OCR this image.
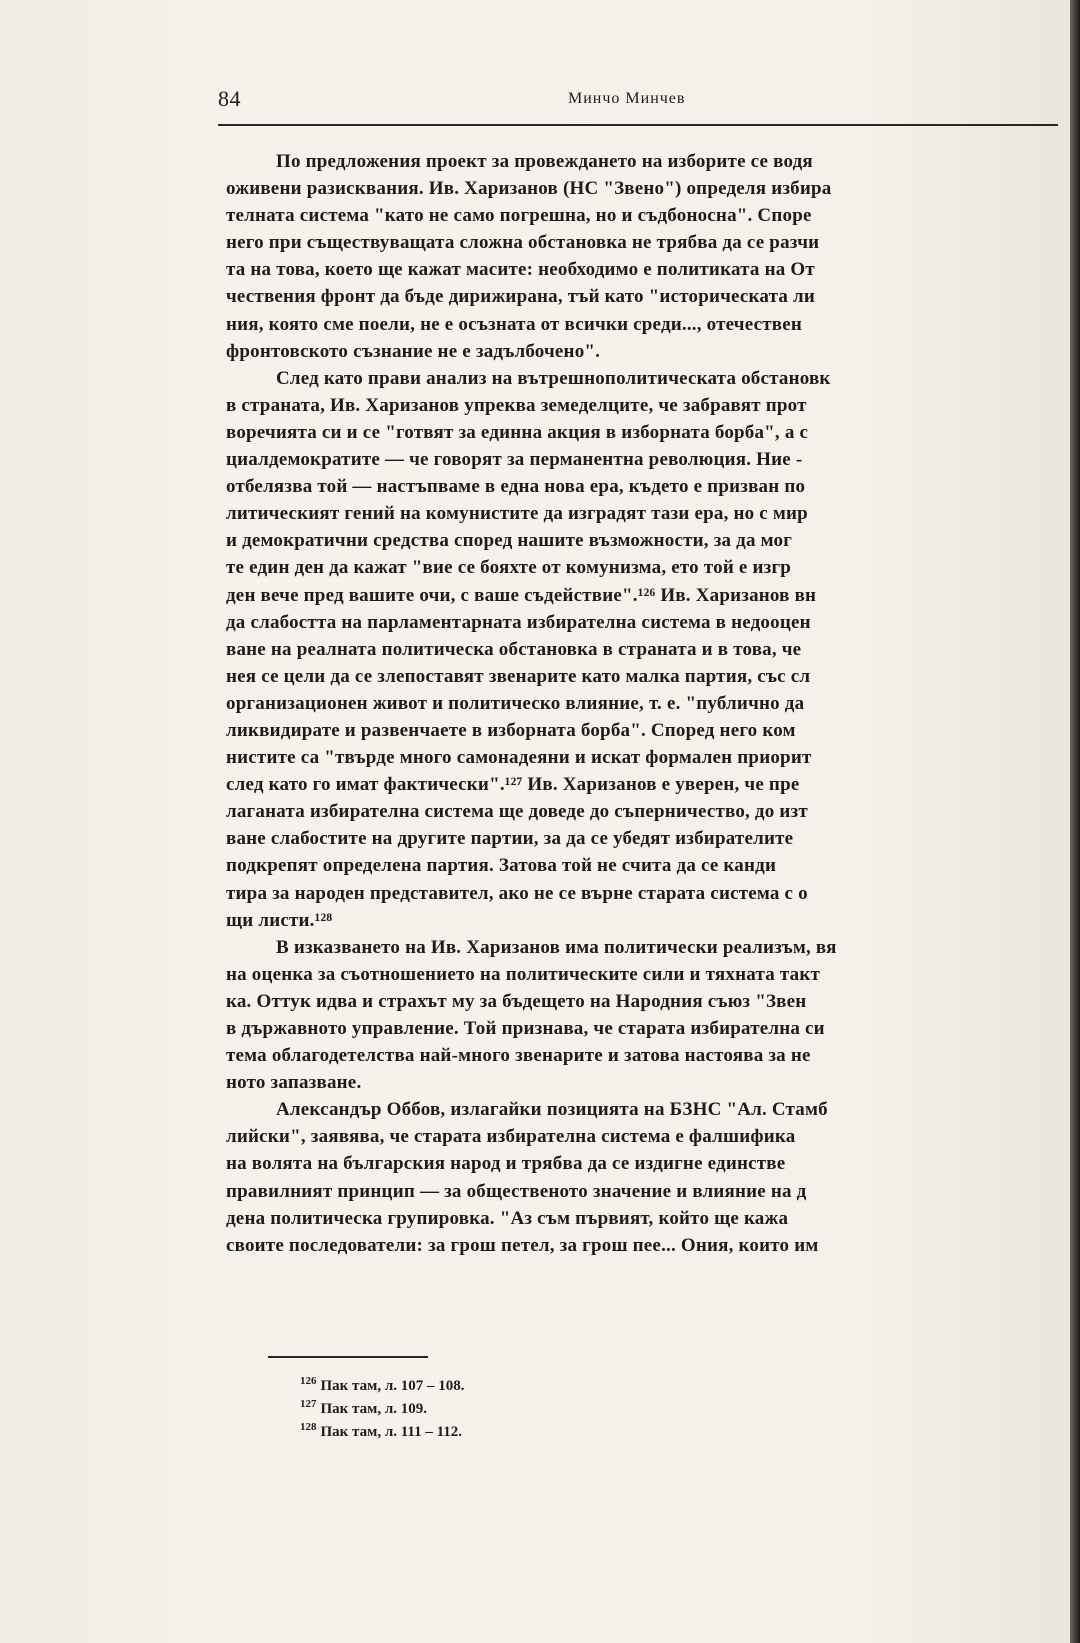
84	Минчо Минчев
По предложения проект за провеждането на изборите се водя
оживени разисквания. Ив. Харизанов (НС "Звено") определя избира
телната система "като не само погрешна, но и съдбоносна". Споре
него при съществуващата сложна обстановка не трябва да се разчи
та на това, което ще кажат масите: необходимо е политиката на От
чествения фронт да бъде дирижирана, тъй като "историческата ли
ния, която сме поели, не е осъзната от всички среди..., отечествен
фронтовското съзнание не е задълбочено".
След като прави анализ на вътрешнополитическата обстановк
в страната, Ив. Харизанов упреква земеделците, че забравят прот
воречията си и се "готвят за единна акция в изборната борба", а с
циалдемократите — че говорят за перманентна революция. Ние -
отбелязва той — настъпваме в една нова ера, където е призван по
литическият гений на комунистите да изградят тази ера, но с мир
и демократични средства според нашите възможности, за да мог
те един ден да кажат "вие се бояхте от комунизма, ето той е изгр
ден вече пред вашите очи, с ваше съдействие".¹²⁶ Ив. Харизанов вн
да слабостта на парламентарната избирателна система в недооцен
ване на реалната политическа обстановка в страната и в това, че
нея се цели да се злепоставят звенарите като малка партия, със сл
организационен живот и политическо влияние, т. е. "публично да
ликвидирате и развенчаете в изборната борба". Според него ком
нистите са "твърде много самонадеяни и искат формален приорит
след като го имат фактически".¹²⁷ Ив. Харизанов е уверен, че пре
лаганата избирателна система ще доведе до съперничество, до изт
ване слабостите на другите партии, за да се убедят избирателите
подкрепят определена партия. Затова той не счита да се канди
тира за народен представител, ако не се върне старата система с о
щи листи.¹²⁸
В изказването на Ив. Харизанов има политически реализъм, вя
на оценка за съотношението на политическите сили и тяхната такт
ка. Оттук идва и страхът му за бъдещето на Народния съюз "Звен
в държавното управление. Той признава, че старата избирателна си
тема облагодетелства най-много звенарите и затова настоява за не
ното запазване.
Александър Оббов, излагайки позицията на БЗНС "Ал. Стамб
лийски", заявява, че старата избирателна система е фалшифика
на волята на българския народ и трябва да се издигне единстве
правилният принцип — за общественото значение и влияние на д
дена политическа групировка. "Аз съм първият, който ще кажа
своите последователи: за грош петел, за грош пее... Ония, които им
$^{126}$ Пак там, л. 107 – 108.
$^{127}$ Пак там, л. 109.
$^{128}$ Пак там, л. 111 – 112.
